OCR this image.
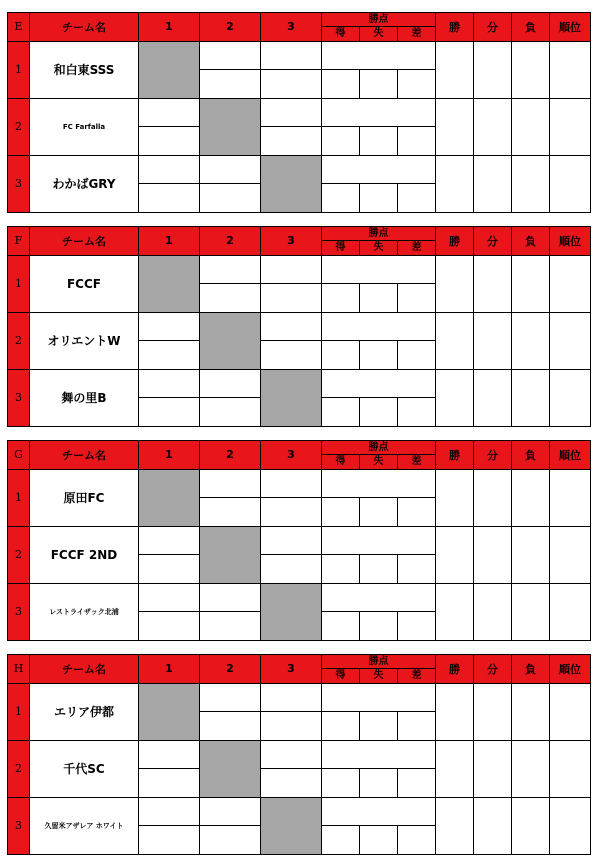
E	チーム名	1	2	3	勝点			勝	分	負	順位
					得	失	差				
1	和白東SSS										

2	FC Farfalla										

3	わかばGRY										

F	チーム名	1	2	3	勝点			勝	分	負	順位
					得	失	差				
1	FCCF										

2	オリエントW										

3	舞の里B										

G	チーム名	1	2	3	勝点			勝	分	負	順位
					得	失	差				
1	原田FC										

2	FCCF 2ND										

3	レストライザック北浦										

H	チーム名	1	2	3	勝点			勝	分	負	順位
					得	失	差				
1	エリア伊都										

2	千代SC										

3	久留米アザレア ホワイト										
